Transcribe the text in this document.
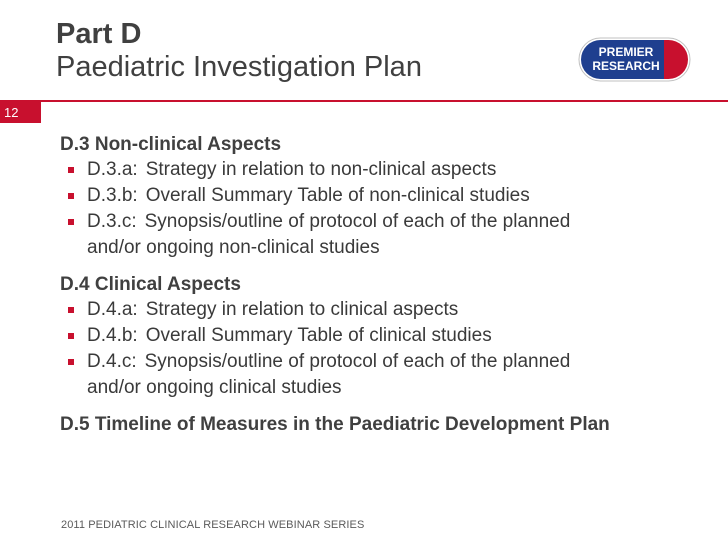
Part D
Paediatric Investigation Plan	PREMIER
RESEARCH
12
D.3 Non-clinical Aspects
D.3.a: Strategy in relation to non-clinical aspects
D.3.b: Overall Summary Table of non-clinical studies
D.3.c: Synopsis/outline of protocol of each of the planned
and/or ongoing non-clinical studies
D.4 Clinical Aspects
D.4.a: Strategy in relation to clinical aspects
D.4.b: Overall Summary Table of clinical studies
D.4.c: Synopsis/outline of protocol of each of the planned
and/or ongoing clinical studies
D.5 Timeline of Measures in the Paediatric Development Plan
2011 PEDIATRIC CLINICAL RESEARCH WEBINAR SERIES
